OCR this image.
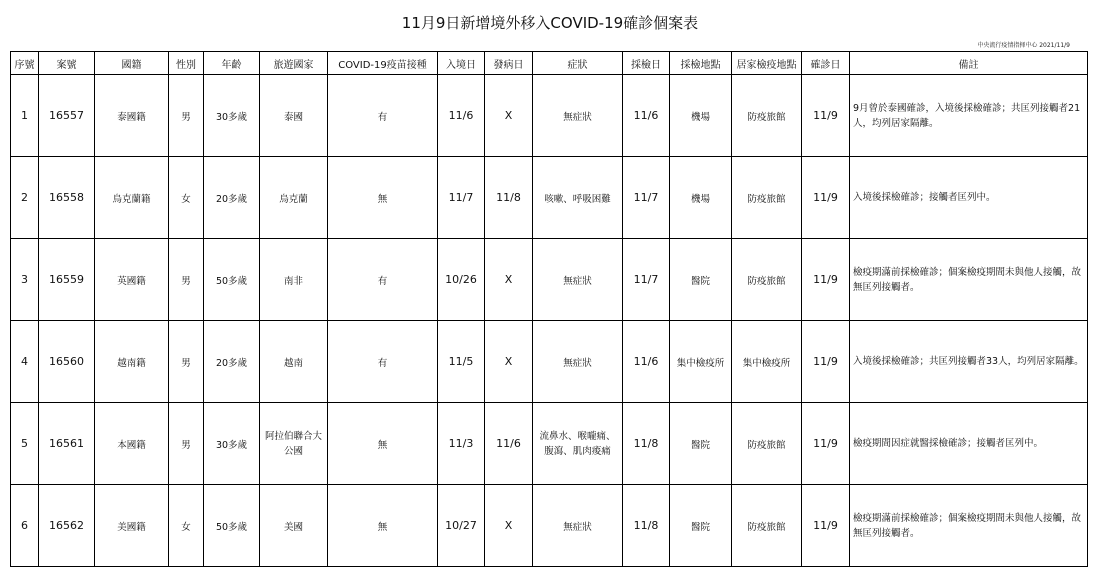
11月9日新增境外移入COVID-19確診個案表
中央流行疫情指揮中心 2021/11/9
序號	案號	國籍	性別	年齡	旅遊國家	COVID-19疫苗接種	入境日	發病日	症狀	採檢日	採檢地點	居家檢疫地點	確診日	備註
1	16557	泰國籍	男	30多歲	泰國	有	11/6	X	無症狀	11/6	機場	防疫旅館	11/9	9月曾於泰國確診，入境後採檢確診；共匡列接觸者21人，均列居家隔離。
2	16558	烏克蘭籍	女	20多歲	烏克蘭	無	11/7	11/8	咳嗽、呼吸困難	11/7	機場	防疫旅館	11/9	入境後採檢確診；接觸者匡列中。
3	16559	英國籍	男	50多歲	南非	有	10/26	X	無症狀	11/7	醫院	防疫旅館	11/9	檢疫期滿前採檢確診；個案檢疫期間未與他人接觸，故無匡列接觸者。
4	16560	越南籍	男	20多歲	越南	有	11/5	X	無症狀	11/6	集中檢疫所	集中檢疫所	11/9	入境後採檢確診；共匡列接觸者33人，均列居家隔離。
5	16561	本國籍	男	30多歲	阿拉伯聯合大公國	無	11/3	11/6	流鼻水、喉嚨痛、腹瀉、肌肉痠痛	11/8	醫院	防疫旅館	11/9	檢疫期間因症就醫採檢確診；接觸者匡列中。
6	16562	美國籍	女	50多歲	美國	無	10/27	X	無症狀	11/8	醫院	防疫旅館	11/9	檢疫期滿前採檢確診；個案檢疫期間未與他人接觸，故無匡列接觸者。
